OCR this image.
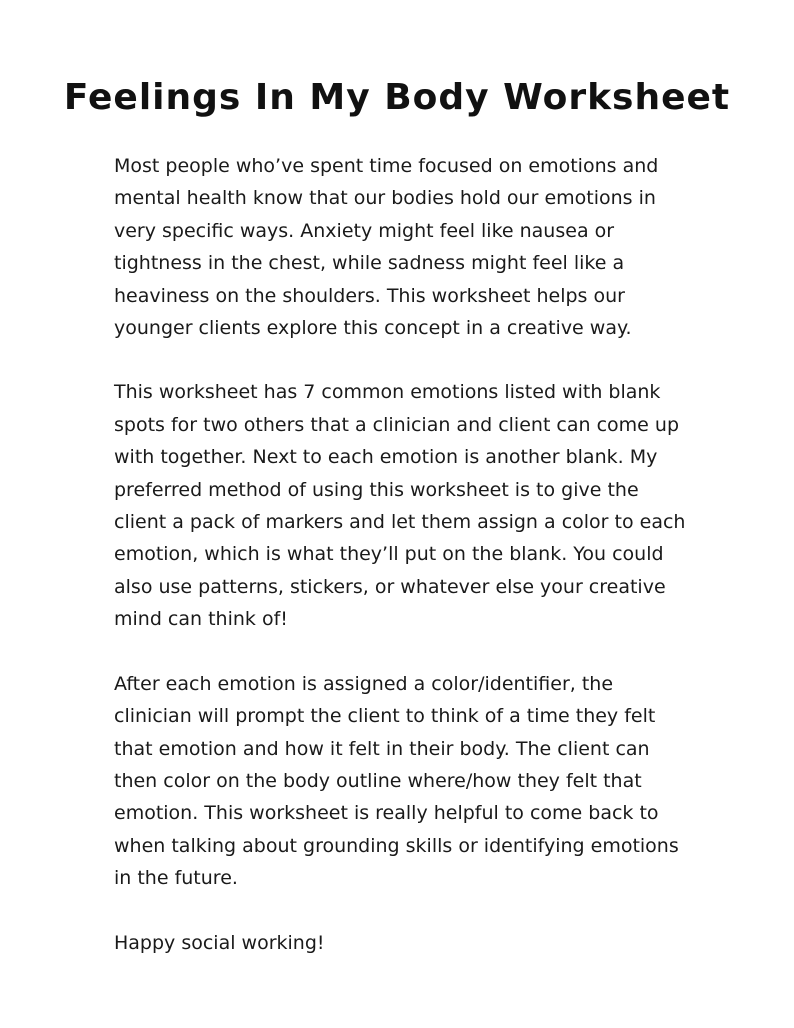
Feelings In My Body Worksheet

Most people who’ve spent time focused on emotions and mental health know that our bodies hold our emotions in very specific ways. Anxiety might feel like nausea or tightness in the chest, while sadness might feel like a heaviness on the shoulders. This worksheet helps our younger clients explore this concept in a creative way.

This worksheet has 7 common emotions listed with blank spots for two others that a clinician and client can come up with together. Next to each emotion is another blank. My preferred method of using this worksheet is to give the client a pack of markers and let them assign a color to each emotion, which is what they’ll put on the blank. You could also use patterns, stickers, or whatever else your creative mind can think of!

After each emotion is assigned a color/identifier, the clinician will prompt the client to think of a time they felt that emotion and how it felt in their body. The client can then color on the body outline where/how they felt that emotion. This worksheet is really helpful to come back to when talking about grounding skills or identifying emotions in the future.

Happy social working!
